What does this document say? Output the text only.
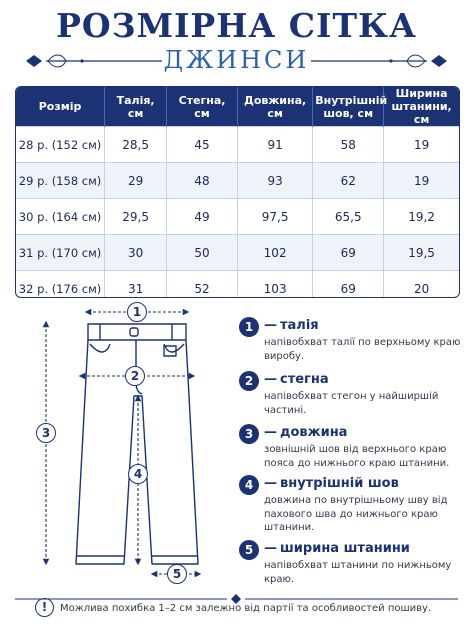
РОЗМІРНА СІТКА
ДЖИНСИ
Розмір	Талія, см	Стегна, см	Довжина, см	Внутрішній шов, см	Ширина штанини, см
28 р. (152 см)	28,5	45	91	58	19
29 р. (158 см)	29	48	93	62	19
30 р. (164 см)	29,5	49	97,5	65,5	19,2
31 р. (170 см)	30	50	102	69	19,5
32 р. (176 см)	31	52	103	69	20
1
2
3
4
5
1 — талія
напівобхват талії по верхньому краю виробу.
2 — стегна
напівобхват стегон у найширшій частині.
3 — довжина
зовнішній шов від верхнього краю пояса до нижнього краю штанини.
4 — внутрішній шов
довжина по внутрішньому шву від пахового шва до нижнього краю штанини.
5 — ширина штанини
напівобхват штанини по нижньому краю.
!	Можлива похибка 1–2 см залежно від партії та особливостей пошиву.
